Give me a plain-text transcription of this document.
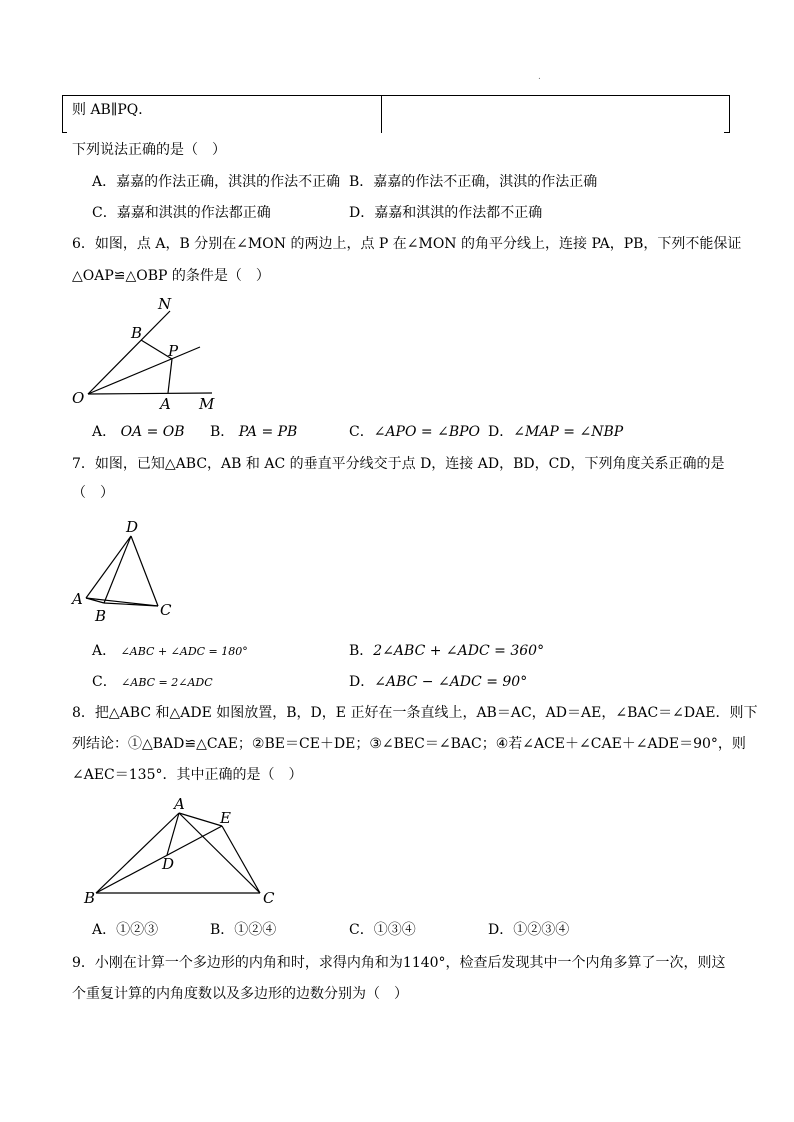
.
则 AB∥PQ．
下列说法正确的是（　）
A．嘉嘉的作法正确，淇淇的作法不正确 B．嘉嘉的作法不正确，淇淇的作法正确
C．嘉嘉和淇淇的作法都正确	D．嘉嘉和淇淇的作法都不正确
6．如图，点 A，B 分别在∠MON 的两边上，点 P 在∠MON 的角平分线上，连接 PA，PB，下列不能保证
△OAP≌△OBP 的条件是（　）
N
B
P
O	A M
A． OA = OB B． PA = PB	C．∠APO = ∠BPO D．∠MAP = ∠NBP
7．如图，已知△ABC，AB 和 AC 的垂直平分线交于点 D，连接 AD，BD，CD，下列角度关系正确的是
（　）
D
A
B	C
A． ∠ABC + ∠ADC = 180°	B．2∠ABC + ∠ADC = 360°
C． ∠ABC = 2∠ADC	D．∠ABC − ∠ADC = 90°
8．把△ABC 和△ADE 如图放置，B，D，E 正好在一条直线上，AB＝AC，AD＝AE，∠BAC＝∠DAE．则下
列结论：①△BAD≌△CAE；②BE＝CE＋DE；③∠BEC＝∠BAC；④若∠ACE＋∠CAE＋∠ADE＝90°，则
∠AEC＝135°．其中正确的是（　）
A
E
D
B	C
A．①②③	B．①②④	C．①③④	D．①②③④
9．小刚在计算一个多边形的内角和时，求得内角和为1140°，检查后发现其中一个内角多算了一次，则这
个重复计算的内角度数以及多边形的边数分别为（　）
